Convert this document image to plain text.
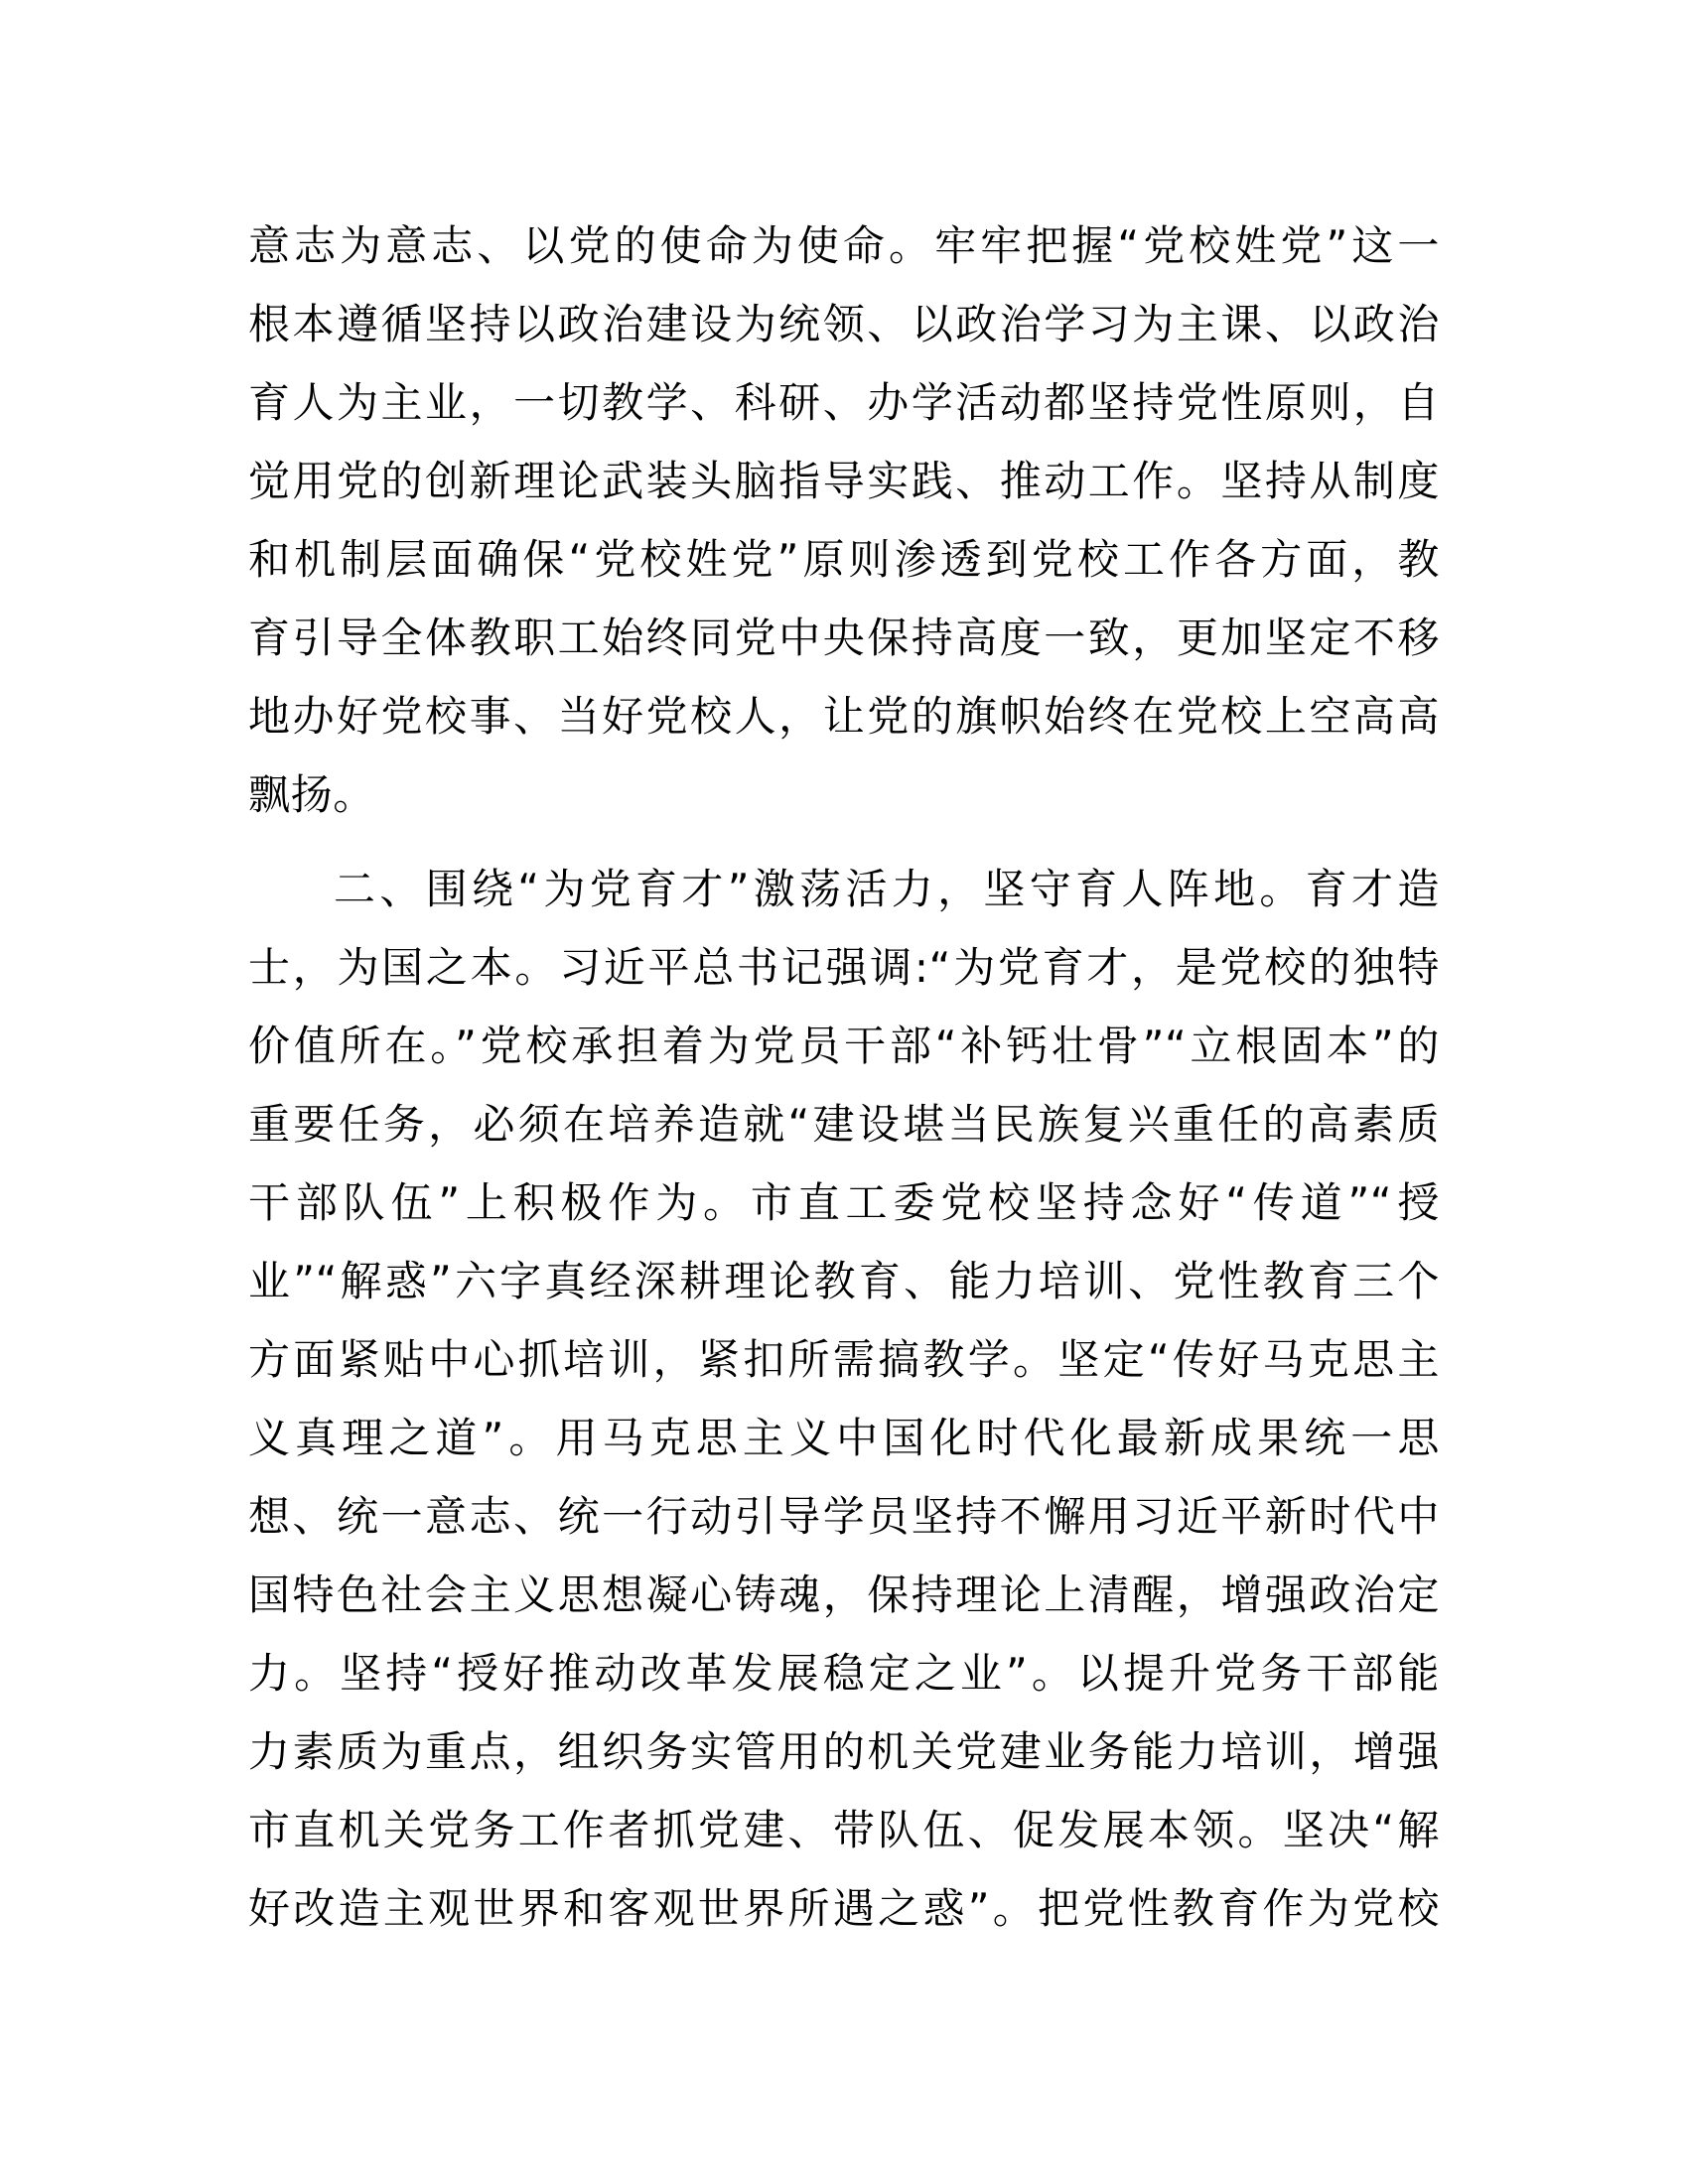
意志为意志、以党的使命为使命。牢牢把握“党校姓党”这一
根本遵循坚持以政治建设为统领、以政治学习为主课、以政治
育人为主业，一切教学、科研、办学活动都坚持党性原则，自
觉用党的创新理论武装头脑指导实践、推动工作。坚持从制度
和机制层面确保“党校姓党”原则渗透到党校工作各方面，教
育引导全体教职工始终同党中央保持高度一致，更加坚定不移
地办好党校事、当好党校人，让党的旗帜始终在党校上空高高
飘扬。
二、围绕“为党育才”激荡活力，坚守育人阵地。育才造
士，为国之本。习近平总书记强调:“为党育才，是党校的独特
价值所在。”党校承担着为党员干部“补钙壮骨”“立根固本”的
重要任务，必须在培养造就“建设堪当民族复兴重任的高素质
干部队伍”上积极作为。市直工委党校坚持念好“传道”“授
业”“解惑”六字真经深耕理论教育、能力培训、党性教育三个
方面紧贴中心抓培训，紧扣所需搞教学。坚定“传好马克思主
义真理之道”。用马克思主义中国化时代化最新成果统一思
想、统一意志、统一行动引导学员坚持不懈用习近平新时代中
国特色社会主义思想凝心铸魂，保持理论上清醒，增强政治定
力。坚持“授好推动改革发展稳定之业”。以提升党务干部能
力素质为重点，组织务实管用的机关党建业务能力培训，增强
市直机关党务工作者抓党建、带队伍、促发展本领。坚决“解
好改造主观世界和客观世界所遇之惑”。把党性教育作为党校
